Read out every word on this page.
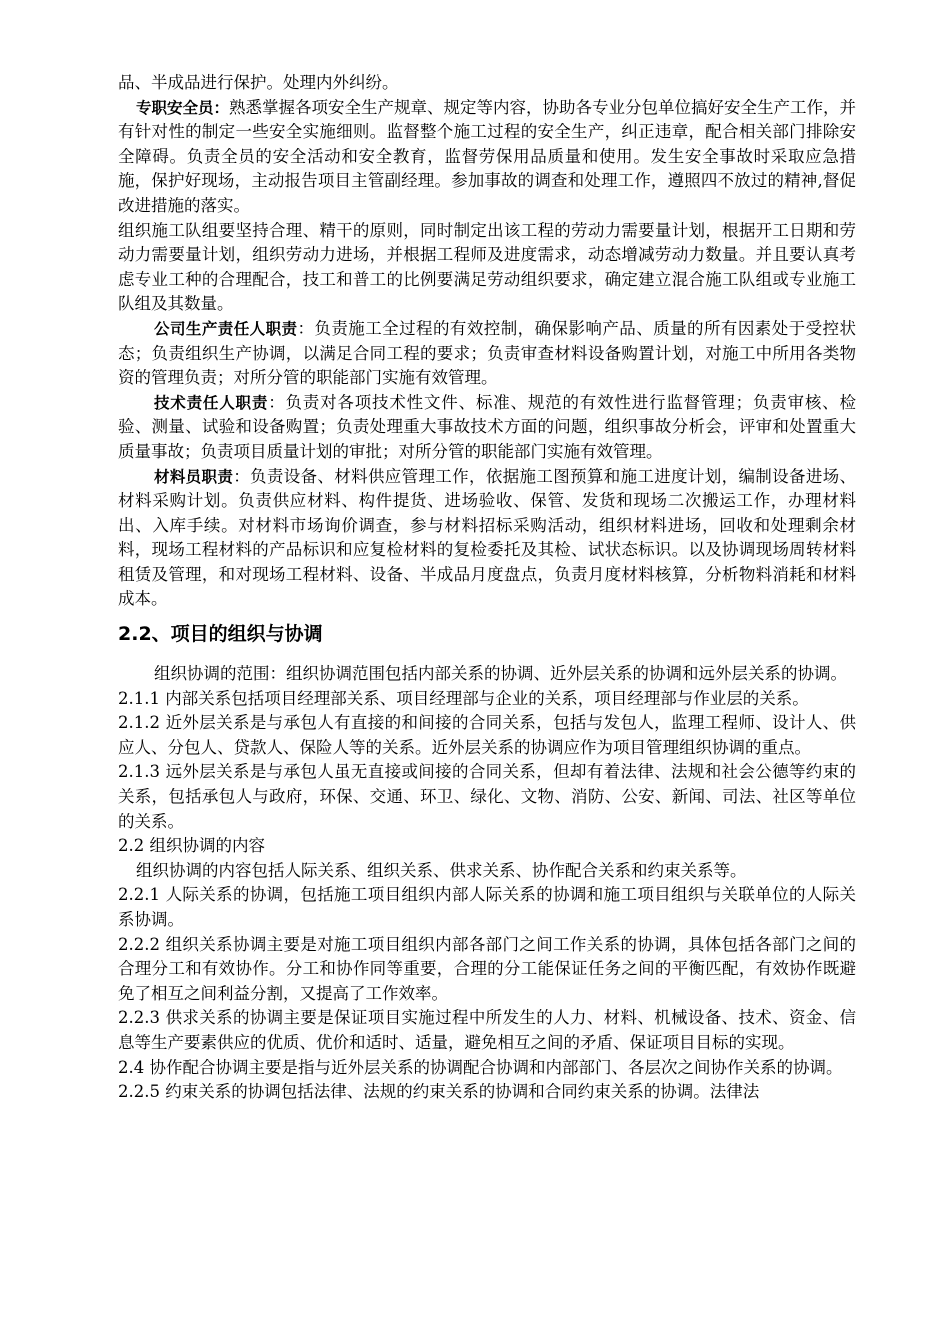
品、半成品进行保护。处理内外纠纷。

专职安全员：熟悉掌握各项安全生产规章、规定等内容，协助各专业分包单位搞好安全生产工作，并有针对性的制定一些安全实施细则。监督整个施工过程的安全生产，纠正违章，配合相关部门排除安全障碍。负责全员的安全活动和安全教育，监督劳保用品质量和使用。发生安全事故时采取应急措施，保护好现场，主动报告项目主管副经理。参加事故的调查和处理工作，遵照四不放过的精神,督促改进措施的落实。

组织施工队组要坚持合理、精干的原则，同时制定出该工程的劳动力需要量计划，根据开工日期和劳动力需要量计划，组织劳动力进场，并根据工程师及进度需求，动态增减劳动力数量。并且要认真考虑专业工种的合理配合，技工和普工的比例要满足劳动组织要求，确定建立混合施工队组或专业施工队组及其数量。

公司生产责任人职责：负责施工全过程的有效控制，确保影响产品、质量的所有因素处于受控状态；负责组织生产协调，以满足合同工程的要求；负责审查材料设备购置计划，对施工中所用各类物资的管理负责；对所分管的职能部门实施有效管理。

技术责任人职责：负责对各项技术性文件、标准、规范的有效性进行监督管理；负责审核、检验、测量、试验和设备购置；负责处理重大事故技术方面的问题，组织事故分析会，评审和处置重大质量事故；负责项目质量计划的审批；对所分管的职能部门实施有效管理。

材料员职责：负责设备、材料供应管理工作，依据施工图预算和施工进度计划，编制设备进场、材料采购计划。负责供应材料、构件提货、进场验收、保管、发货和现场二次搬运工作，办理材料出、入库手续。对材料市场询价调查，参与材料招标采购活动，组织材料进场，回收和处理剩余材料，现场工程材料的产品标识和应复检材料的复检委托及其检、试状态标识。以及协调现场周转材料租赁及管理，和对现场工程材料、设备、半成品月度盘点，负责月度材料核算，分析物料消耗和材料成本。

2.2、项目的组织与协调

组织协调的范围：组织协调范围包括内部关系的协调、近外层关系的协调和远外层关系的协调。

2.1.1 内部关系包括项目经理部关系、项目经理部与企业的关系，项目经理部与作业层的关系。

2.1.2 近外层关系是与承包人有直接的和间接的合同关系，包括与发包人，监理工程师、设计人、供应人、分包人、贷款人、保险人等的关系。近外层关系的协调应作为项目管理组织协调的重点。

2.1.3 远外层关系是与承包人虽无直接或间接的合同关系，但却有着法律、法规和社会公德等约束的关系，包括承包人与政府，环保、交通、环卫、绿化、文物、消防、公安、新闻、司法、社区等单位的关系。

2.2 组织协调的内容

组织协调的内容包括人际关系、组织关系、供求关系、协作配合关系和约束关系等。

2.2.1 人际关系的协调，包括施工项目组织内部人际关系的协调和施工项目组织与关联单位的人际关系协调。

2.2.2 组织关系协调主要是对施工项目组织内部各部门之间工作关系的协调，具体包括各部门之间的合理分工和有效协作。分工和协作同等重要，合理的分工能保证任务之间的平衡匹配，有效协作既避免了相互之间利益分割，又提高了工作效率。

2.2.3 供求关系的协调主要是保证项目实施过程中所发生的人力、材料、机械设备、技术、资金、信息等生产要素供应的优质、优价和适时、适量，避免相互之间的矛盾、保证项目目标的实现。

2.4 协作配合协调主要是指与近外层关系的协调配合协调和内部部门、各层次之间协作关系的协调。

2.2.5 约束关系的协调包括法律、法规的约束关系的协调和合同约束关系的协调。法律法
